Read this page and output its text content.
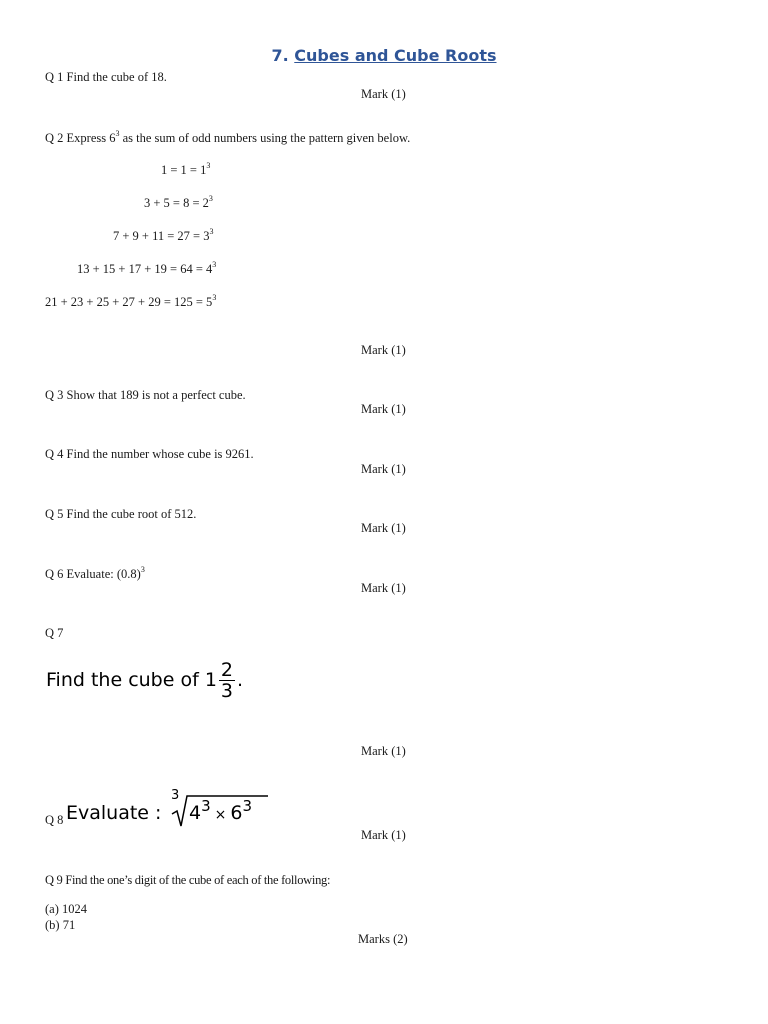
7. Cubes and Cube Roots
Q 1 Find the cube of 18.
Mark (1)
Q 2 Express $6^3$ as the sum of odd numbers using the pattern given below.
$1 = 1 = 1^3$
$3 + 5 = 8 = 2^3$
$7 + 9 + 11 = 27 = 3^3$
$13 + 15 + 17 + 19 = 64 = 4^3$
$21 + 23 + 25 + 27 + 29 = 125 = 5^3$
Mark (1)
Q 3 Show that 189 is not a perfect cube.
Mark (1)
Q 4 Find the number whose cube is 9261.
Mark (1)
Q 5 Find the cube root of 512.
Mark (1)
Q 6 Evaluate: $(0.8)^3$
Mark (1)
Q 7
Find the cube of $1 \frac{2}{3}$ .
Mark (1)
Q 8 Evaluate :
3
$4^3 \times 6^3$
Mark (1)
Q 9 Find the one’s digit of the cube of each of the following:
(a) 1024
(b) 71
Marks (2)
